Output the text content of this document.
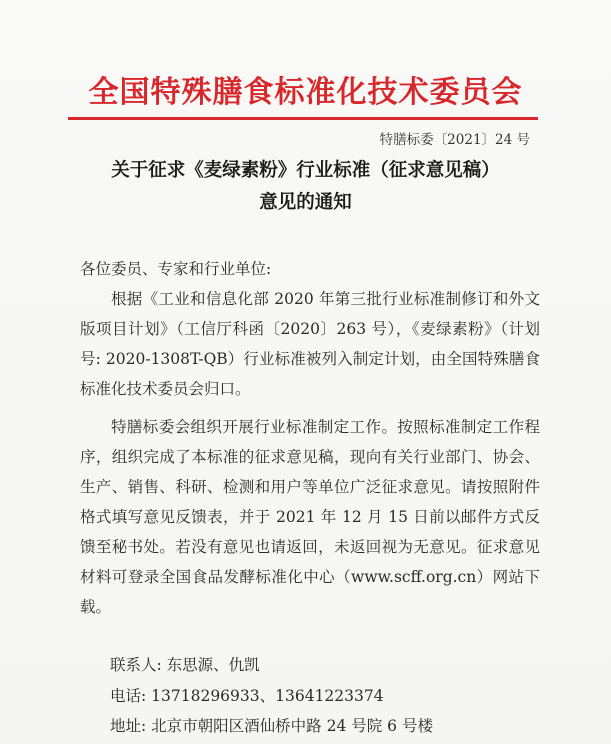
全国特殊膳食标准化技术委员会
特膳标委〔2021〕24 号
关于征求《麦绿素粉》行业标准（征求意见稿）
意见的通知
各位委员、专家和行业单位:
根据《工业和信息化部 2020 年第三批行业标准制修订和外文版项目计划》（工信厅科函〔2020〕263 号），《麦绿素粉》（计划号: 2020-1308T-QB）行业标准被列入制定计划，由全国特殊膳食标准化技术委员会归口。
特膳标委会组织开展行业标准制定工作。按照标准制定工作程序，组织完成了本标准的征求意见稿，现向有关行业部门、协会、生产、销售、科研、检测和用户等单位广泛征求意见。请按照附件格式填写意见反馈表，并于 2021 年 12 月 15 日前以邮件方式反馈至秘书处。若没有意见也请返回，未返回视为无意见。征求意见材料可登录全国食品发酵标准化中心（www.scff.org.cn）网站下载。
联系人: 东思源、仇凯
电话: 13718296933、13641223374
地址: 北京市朝阳区酒仙桥中路 24 号院 6 号楼
